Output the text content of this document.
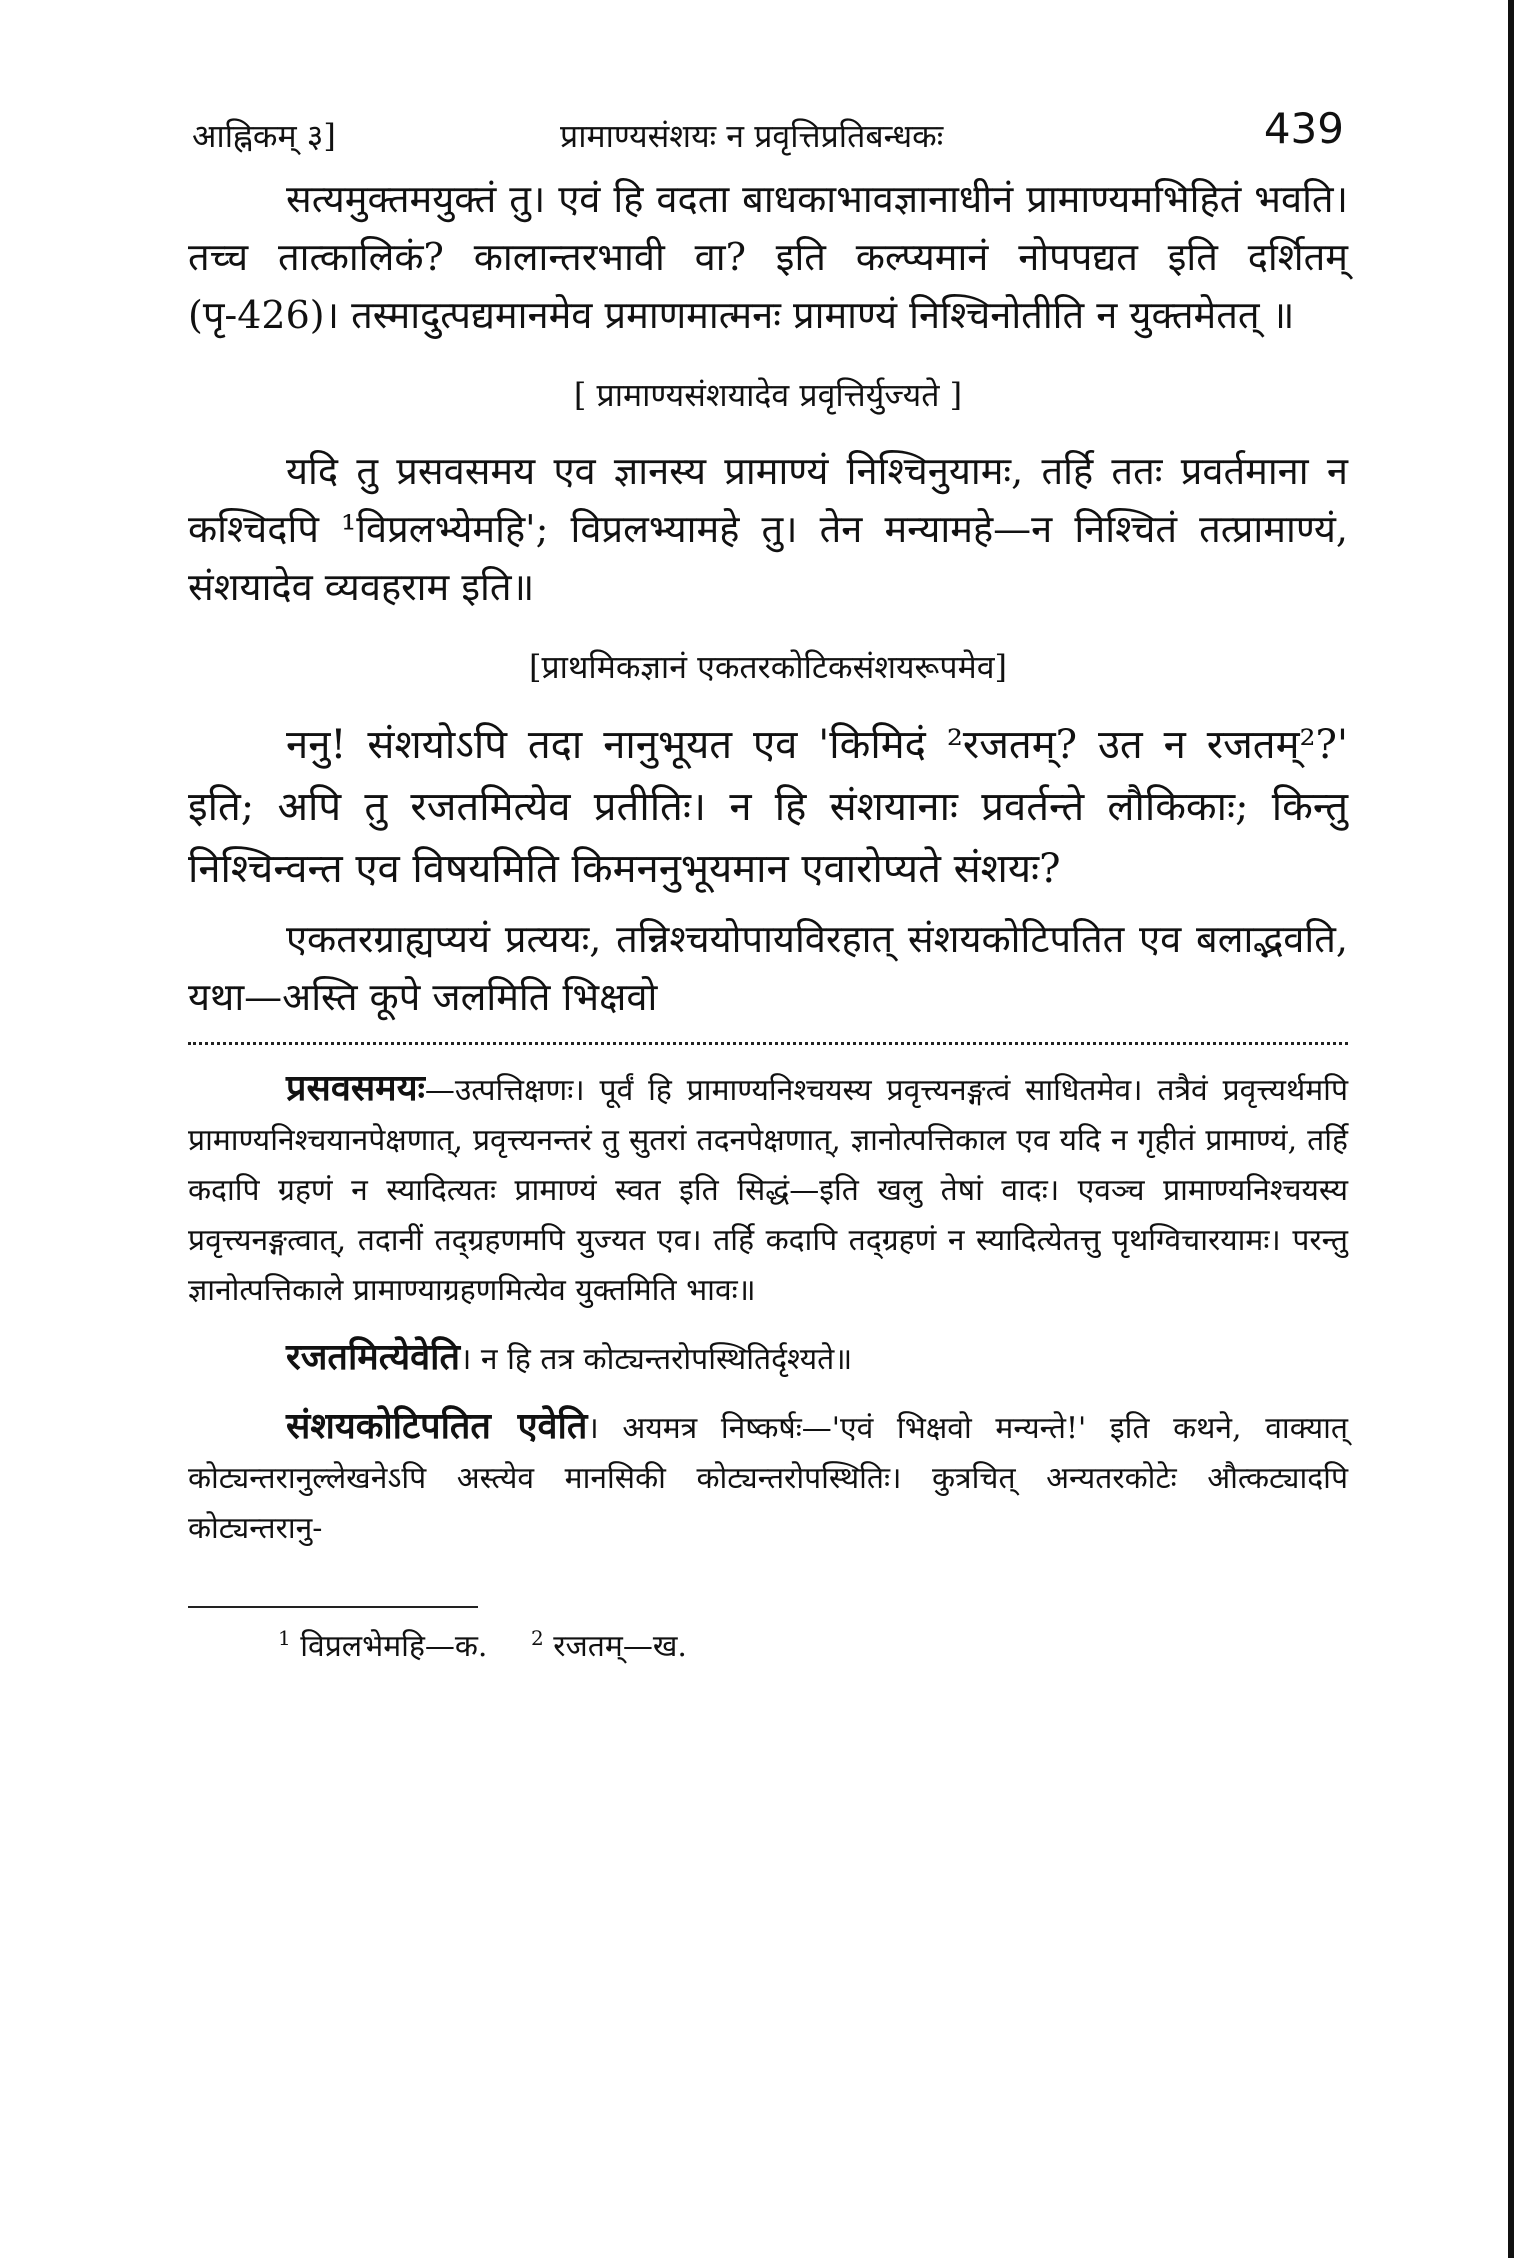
आह्निकम् ३]	प्रामाण्यसंशयः न प्रवृत्तिप्रतिबन्धकः	439

सत्यमुक्तमयुक्तं तु। एवं हि वदता बाधकाभावज्ञानाधीनं प्रामाण्यमभिहितं भवति। तच्च तात्कालिकं? कालान्तरभावी वा? इति कल्प्यमानं नोपपद्यत इति दर्शितम् (पृ-426)। तस्मादुत्पद्यमानमेव प्रमाणमात्मनः प्रामाण्यं निश्चिनोतीति न युक्तमेतत् ॥

[ प्रामाण्यसंशयादेव प्रवृत्तिर्युज्यते ]

यदि तु प्रसवसमय एव ज्ञानस्य प्रामाण्यं निश्चिनुयामः, तर्हि ततः प्रवर्तमाना न कश्चिदपि ¹विप्रलभ्येमहि'; विप्रलभ्यामहे तु। तेन मन्यामहे—न निश्चितं तत्प्रामाण्यं, संशयादेव व्यवहराम इति॥

[प्राथमिकज्ञानं एकतरकोटिकसंशयरूपमेव]

ननु! संशयोऽपि तदा नानुभूयत एव 'किमिदं ²रजतम्? उत न रजतम्²?' इति; अपि तु रजतमित्येव प्रतीतिः। न हि संशयानाः प्रवर्तन्ते लौकिकाः; किन्तु निश्चिन्वन्त एव विषयमिति किमननुभूयमान एवारोप्यते संशयः?

एकतरग्राह्यप्ययं प्रत्ययः, तन्निश्चयोपायविरहात् संशयकोटिपतित एव बलाद्भवति, यथा—अस्ति कूपे जलमिति भिक्षवो

प्रसवसमयः—उत्पत्तिक्षणः। पूर्वं हि प्रामाण्यनिश्चयस्य प्रवृत्त्यनङ्गत्वं साधितमेव। तत्रैवं प्रवृत्त्यर्थमपि प्रामाण्यनिश्चयानपेक्षणात्, प्रवृत्त्यनन्तरं तु सुतरां तदनपेक्षणात्, ज्ञानोत्पत्तिकाल एव यदि न गृहीतं प्रामाण्यं, तर्हि कदापि ग्रहणं न स्यादित्यतः प्रामाण्यं स्वत इति सिद्धं—इति खलु तेषां वादः। एवञ्च प्रामाण्यनिश्चयस्य प्रवृत्त्यनङ्गत्वात्, तदानीं तद्ग्रहणमपि युज्यत एव। तर्हि कदापि तद्ग्रहणं न स्यादित्येतत्तु पृथग्विचारयामः। परन्तु ज्ञानोत्पत्तिकाले प्रामाण्याग्रहणमित्येव युक्तमिति भावः॥

रजतमित्येवेति। न हि तत्र कोट्यन्तरोपस्थितिर्दृश्यते॥

संशयकोटिपतित एवेति। अयमत्र निष्कर्षः—'एवं भिक्षवो मन्यन्ते!' इति कथने, वाक्यात् कोट्यन्तरानुल्लेखनेऽपि अस्त्येव मानसिकी कोट्यन्तरोपस्थितिः। कुत्रचित् अन्यतरकोटेः औत्कट्यादपि कोट्यन्तरानु-

$^1$ विप्रलभेमहि—क. $^2$ रजतम्—ख.
